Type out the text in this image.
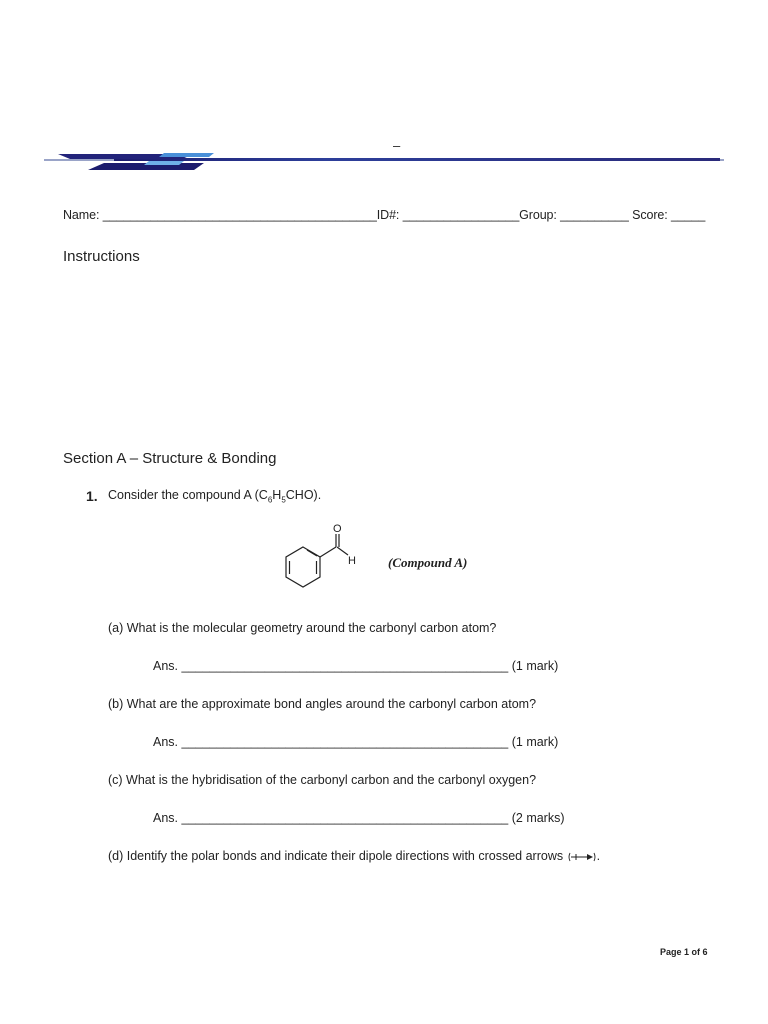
–
Name: ________________________________________ID#: _________________Group: __________ Score: _____
Instructions
Section A – Structure & Bonding
1. Consider the compound A $(C_6H_5CHO)$.
O
H (Compound A)
(a) What is the molecular geometry around the carbonyl carbon atom?
Ans. _______________________________________________ (1 mark)
(b) What are the approximate bond angles around the carbonyl carbon atom?
Ans. _______________________________________________ (1 mark)
(c) What is the hybridisation of the carbonyl carbon and the carbonyl oxygen?
Ans. _______________________________________________ (2 marks)
(d) Identify the polar bonds and indicate their dipole directions with crossed arrows	.
Page 1 of 6
